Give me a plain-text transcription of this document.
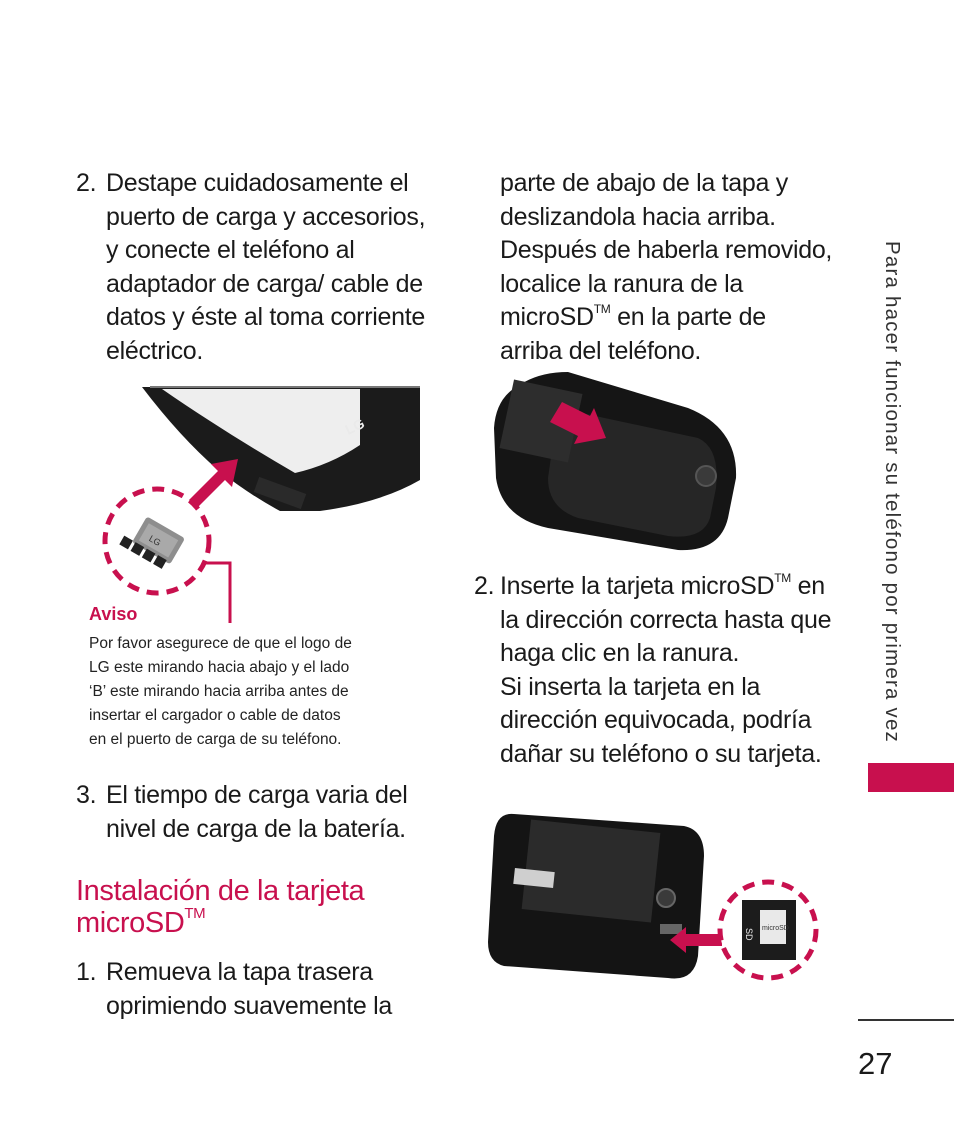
2. Destape cuidadosamente el
puerto de carga y accesorios,
y conecte el teléfono al
adaptador de carga/ cable de
datos y éste al toma corriente
eléctrico.
LG
LG
Aviso
Por favor asegurece de que el logo de
LG este mirando hacia abajo y el lado
‘B’ este mirando hacia arriba antes de
insertar el cargador o cable de datos
en el puerto de carga de su teléfono.
3. El tiempo de carga varia del
nivel de carga de la batería.
Instalación de la tarjeta
microSD™
1. Remueva la tapa trasera
oprimiendo suavemente la
parte de abajo de la tapa y
deslizandola hacia arriba.
Después de haberla removido,
localice la ranura de la
microSD™ en la parte de
arriba del teléfono.
2. Inserte la tarjeta microSD™ en
la dirección correcta hasta que
haga clic en la ranura.
Si inserta la tarjeta en la
dirección equivocada, podría
dañar su teléfono o su tarjeta.
microSD
SD
Para hacer funcionar su teléfono por primera vez
27
